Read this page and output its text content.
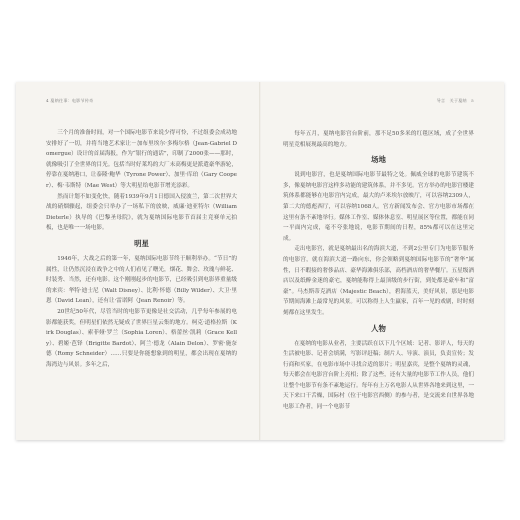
4 戛纳往事：电影节传奇

三个月的准备时间，对一个国际电影节来说少得可怜，不过组委会成功地安排好了一切，并将当地艺术家让－加布里埃尔·多梅尔格（Jean-Gabriel Domergue）设计的首届海报，作为“银行的通话”，印制了2000张——那时，就像吸引了全世界的目光。包括当时好莱坞的大厂未高梅更是派遣豪华游轮，停靠在戛纳港口，让泰隆·鲍华（Tyrone Power）、加里·库珀（Gary Cooper）、梅·韦斯特（Mae West）等大明星给电影节增光添彩。

然而计划不如变化快，随着1939年9月1日德国入侵波兰，第二次世界大战的硝烟骤起，组委会只举办了一场私下的放映，威廉·迪亚特尔（William Dieterle）执导的《巴黎圣母院》，就为戛纳国际电影节首届主竞赛单元拍板，也是唯一一场电影。

明星

1946年，大战之后的第一年，戛纳国际电影节终于顺利举办。“节日”的属性，让仍然沉浸在战争之中的人们看见了曙光，烟花、舞会、玫瑰与鲜花、时装秀、当然，还有电影。这个刚刚起步的电影节，已经吸引到电影界重量级的来宾：华特·迪士尼（Walt Disney）、比利·怀德（Billy Wilder）、大卫·里恩（David Lean），还有让·雷诺阿（Jean Renoir）等。

20世纪50年代，尽管当时的电影节更像是社交活动，几乎每年参展的电影都能获奖，但明星们依然无疑成了世界巨星云集的地方。柯克·道格拉斯（Kirk Douglas）、索菲娅·罗兰（Sophia Loren）、格蕾丝·凯莉（Grace Kelly）、碧姬·芭铎（Brigitte Bardot）、阿兰·德龙（Alain Delon）、罗密·施奈德（Romy Schneider）……只要是你能想象到的明星，都会出现在戛纳的海湾边与风景。多年之后，

导言　关于戛纳　5

每年五月，戛纳电影宫台阶前，那不足50多米的红毯区域，成了全世界明星竞相展现最高的地方。

场地

说到电影宫，也是戛纳国际电影节最特之处。佩威全球的电影节建筑不多，像戛纳电影宫这样多功能的建筑体系，并不多见。官方举办的电影宫楼建筑体系都能够在电影宫内完成，最大的卢米埃尔放映厅，可以容纳2309人，第二大的德彪西厅，可以容纳1068人。官方新闻发布会、官方电影市场都在这里有条不紊地举行。媒体工作室、媒体休息室、明星展区等位置，都能在同一平面内完成，毫不夸张地说，电影节期间的日程，85%都可以在这里完成。

走出电影宫，就是戛纳最出名的海滨大道，不到2公里专门为电影节服务的电影宫，就在海滨大道一路向东，你会领略到戛纳国际电影节的“奢华”属性，日不暇接的奢侈品店、豪华海滩俱乐部，高档酒店的奢华餐厅。五星级酒店以及纸醉金迷的豪宅，戛纳能称得上最顶级的步行街，到处都是豪车和“富豪”。马杰斯蒂克酒店（Majestic Beach），碧海蓝天，美好风景，那是电影节期间海滩上最常见的风景。可以称得上人生赢家，百年一见的戏剧，时时刻刻都在这里发生。

人物

在戛纳的电影从业者，主要活跃在以下几个区域：记者、影评人，每天的生活被电影、记者会填满，写影评赶稿；制片人、导演、演员，负责宣传；发行商和买家，在电影市场中寻找合适的影片；明星嘉宾，是整个戛纳的灵魂，每天都会在电影宫台阶上亮相；除了这些，还有大量的电影节工作人员，他们让整个电影节有条不紊地运行。每年有上万名电影人从世界各地来到这里，一天下来口干舌燥，国际村（位于电影宫西侧）的参与者，是交流来自世界各地电影工作者，同一个电影节
